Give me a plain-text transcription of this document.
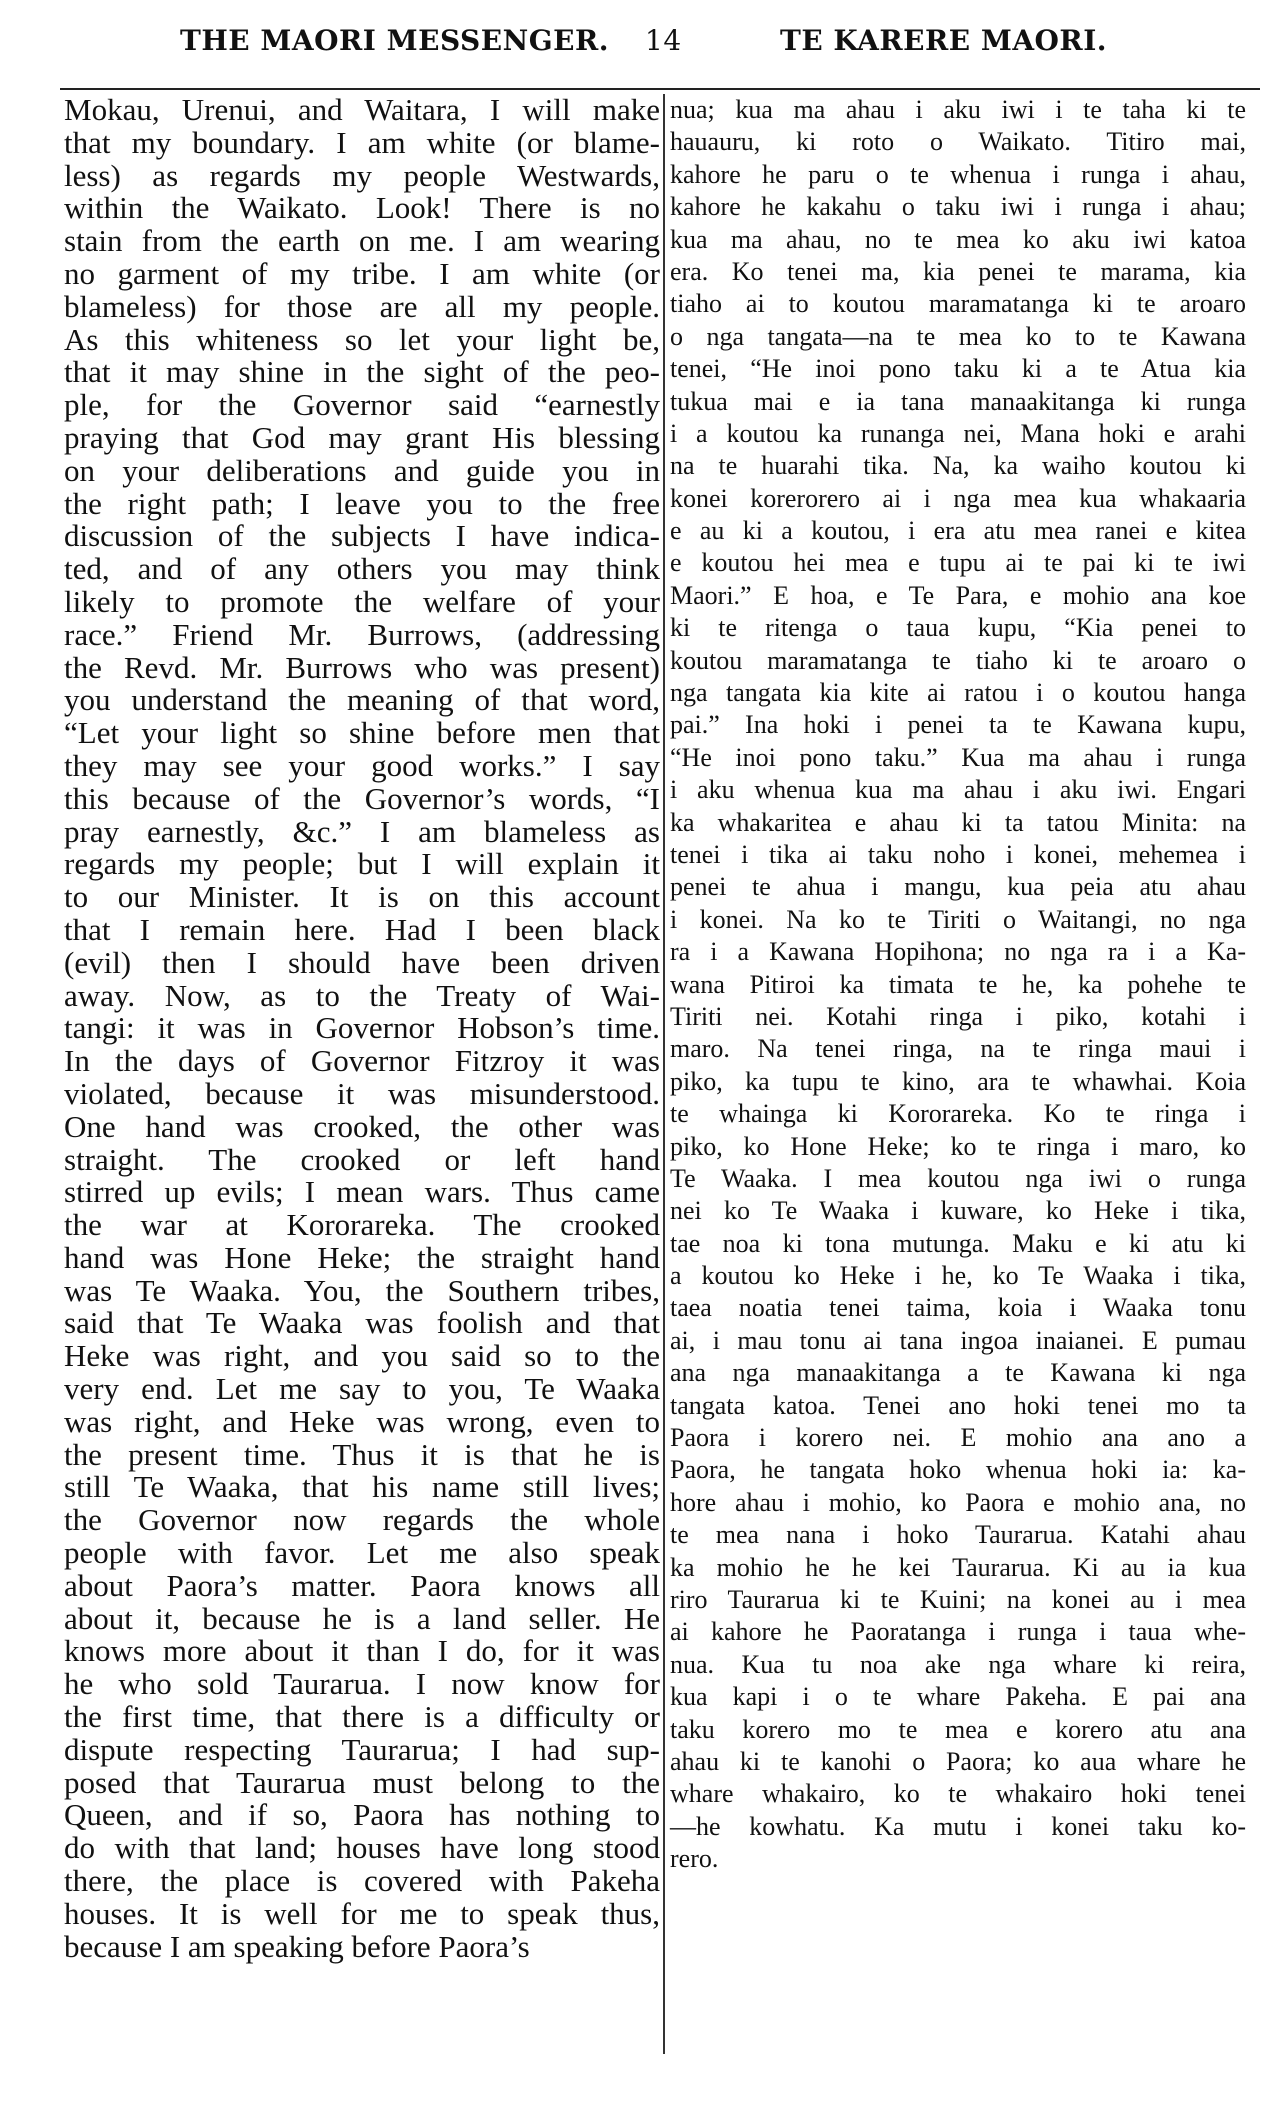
THE MAORI MESSENGER. 14	TE KARERE MAORI.
Mokau, Urenui, and Waitara, I will make
that my boundary. I am white (or blame-
less) as regards my people Westwards,
within the Waikato. Look! There is no
stain from the earth on me. I am wearing
no garment of my tribe. I am white (or
blameless) for those are all my people.
As this whiteness so let your light be,
that it may shine in the sight of the peo-
ple, for the Governor said “earnestly
praying that God may grant His blessing
on your deliberations and guide you in
the right path; I leave you to the free
discussion of the subjects I have indica-
ted, and of any others you may think
likely to promote the welfare of your
race.” Friend Mr. Burrows, (addressing
the Revd. Mr. Burrows who was present)
you understand the meaning of that word,
“Let your light so shine before men that
they may see your good works.” I say
this because of the Governor’s words, “I
pray earnestly, &c.” I am blameless as
regards my people; but I will explain it
to our Minister. It is on this account
that I remain here. Had I been black
(evil) then I should have been driven
away. Now, as to the Treaty of Wai-
tangi: it was in Governor Hobson’s time.
In the days of Governor Fitzroy it was
violated, because it was misunderstood.
One hand was crooked, the other was
straight. The crooked or left hand
stirred up evils; I mean wars. Thus came
the war at Kororareka. The crooked
hand was Hone Heke; the straight hand
was Te Waaka. You, the Southern tribes,
said that Te Waaka was foolish and that
Heke was right, and you said so to the
very end. Let me say to you, Te Waaka
was right, and Heke was wrong, even to
the present time. Thus it is that he is
still Te Waaka, that his name still lives;
the Governor now regards the whole
people with favor. Let me also speak
about Paora’s matter. Paora knows all
about it, because he is a land seller. He
knows more about it than I do, for it was
he who sold Taurarua. I now know for
the first time, that there is a difficulty or
dispute respecting Taurarua; I had sup-
posed that Taurarua must belong to the
Queen, and if so, Paora has nothing to
do with that land; houses have long stood
there, the place is covered with Pakeha
houses. It is well for me to speak thus,
because I am speaking before Paora’s
nua; kua ma ahau i aku iwi i te taha ki te
hauauru, ki roto o Waikato. Titiro mai,
kahore he paru o te whenua i runga i ahau,
kahore he kakahu o taku iwi i runga i ahau;
kua ma ahau, no te mea ko aku iwi katoa
era. Ko tenei ma, kia penei te marama, kia
tiaho ai to koutou maramatanga ki te aroaro
o nga tangata—na te mea ko to te Kawana
tenei, “He inoi pono taku ki a te Atua kia
tukua mai e ia tana manaakitanga ki runga
i a koutou ka runanga nei, Mana hoki e arahi
na te huarahi tika. Na, ka waiho koutou ki
konei korerorero ai i nga mea kua whakaaria
e au ki a koutou, i era atu mea ranei e kitea
e koutou hei mea e tupu ai te pai ki te iwi
Maori.” E hoa, e Te Para, e mohio ana koe
ki te ritenga o taua kupu, “Kia penei to
koutou maramatanga te tiaho ki te aroaro o
nga tangata kia kite ai ratou i o koutou hanga
pai.” Ina hoki i penei ta te Kawana kupu,
“He inoi pono taku.” Kua ma ahau i runga
i aku whenua kua ma ahau i aku iwi. Engari
ka whakaritea e ahau ki ta tatou Minita: na
tenei i tika ai taku noho i konei, mehemea i
penei te ahua i mangu, kua peia atu ahau
i konei. Na ko te Tiriti o Waitangi, no nga
ra i a Kawana Hopihona; no nga ra i a Ka-
wana Pitiroi ka timata te he, ka pohehe te
Tiriti nei. Kotahi ringa i piko, kotahi i
maro. Na tenei ringa, na te ringa maui i
piko, ka tupu te kino, ara te whawhai. Koia
te whainga ki Kororareka. Ko te ringa i
piko, ko Hone Heke; ko te ringa i maro, ko
Te Waaka. I mea koutou nga iwi o runga
nei ko Te Waaka i kuware, ko Heke i tika,
tae noa ki tona mutunga. Maku e ki atu ki
a koutou ko Heke i he, ko Te Waaka i tika,
taea noatia tenei taima, koia i Waaka tonu
ai, i mau tonu ai tana ingoa inaianei. E pumau
ana nga manaakitanga a te Kawana ki nga
tangata katoa. Tenei ano hoki tenei mo ta
Paora i korero nei. E mohio ana ano a
Paora, he tangata hoko whenua hoki ia: ka-
hore ahau i mohio, ko Paora e mohio ana, no
te mea nana i hoko Taurarua. Katahi ahau
ka mohio he he kei Taurarua. Ki au ia kua
riro Taurarua ki te Kuini; na konei au i mea
ai kahore he Paoratanga i runga i taua whe-
nua. Kua tu noa ake nga whare ki reira,
kua kapi i o te whare Pakeha. E pai ana
taku korero mo te mea e korero atu ana
ahau ki te kanohi o Paora; ko aua whare he
whare whakairo, ko te whakairo hoki tenei
—he kowhatu. Ka mutu i konei taku ko-
rero.
